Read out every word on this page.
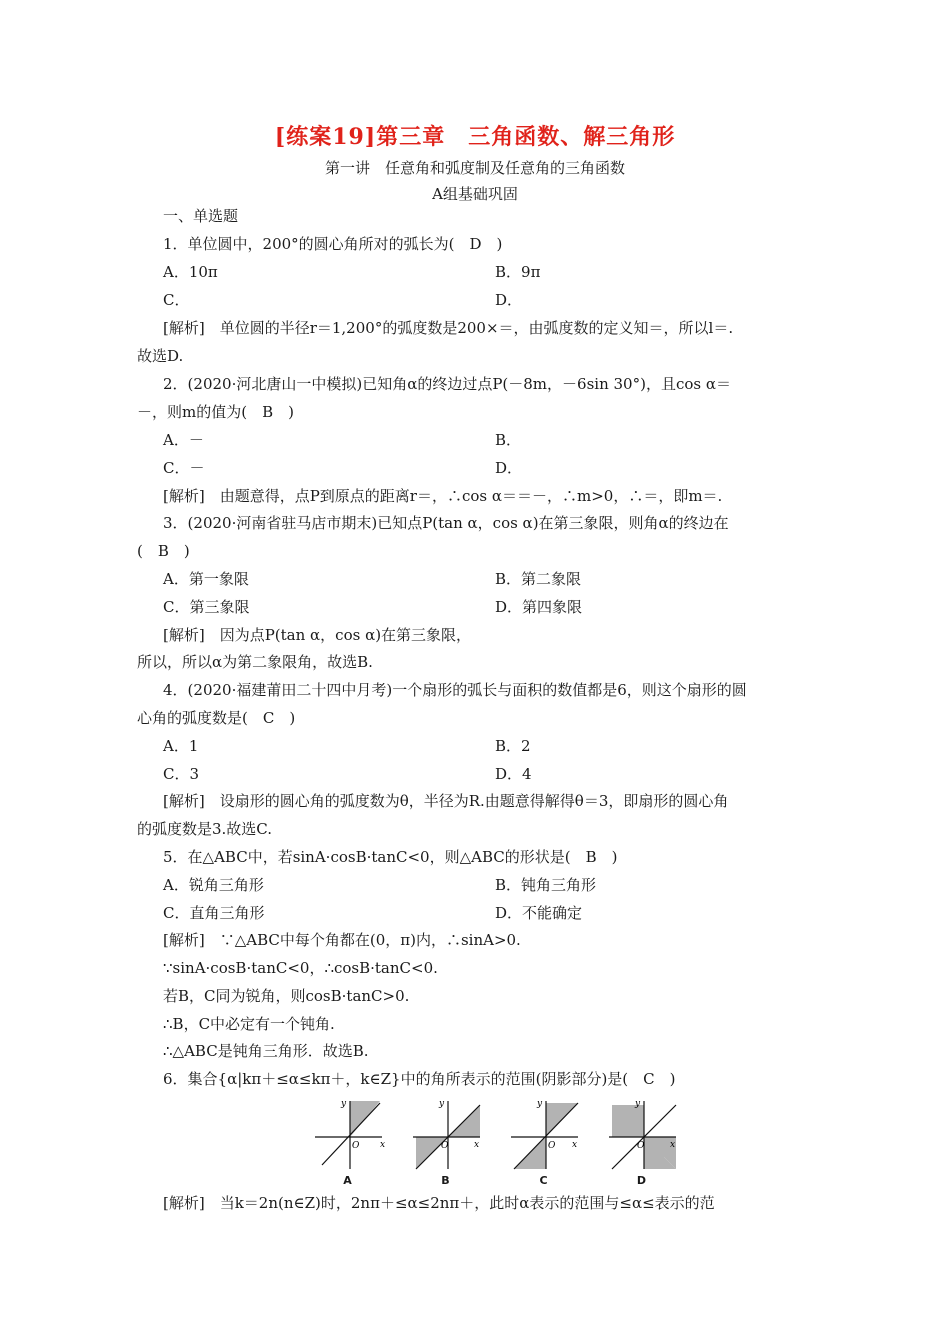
[练案19]第三章　三角函数、解三角形
第一讲　任意角和弧度制及任意角的三角函数
A组基础巩固
一、单选题
1．单位圆中，200°的圆心角所对的弧长为(　D　)
A．10π	B．9π
C．	D．
[解析]　单位圆的半径r＝1,200°的弧度数是200×＝，由弧度数的定义知＝，所以l＝.
故选D.
2．(2020·河北唐山一中模拟)已知角α的终边过点P(－8m，－6sin 30°)，且cos α＝
－，则m的值为(　B　)
A．－	B．
C．－	D．
[解析]　由题意得，点P到原点的距离r＝，∴cos α＝＝－，∴m>0，∴＝，即m＝.
3．(2020·河南省驻马店市期末)已知点P(tan α，cos α)在第三象限，则角α的终边在
(　B　)
A．第一象限	B．第二象限
C．第三象限	D．第四象限
[解析]　因为点P(tan α，cos α)在第三象限，
所以，所以α为第二象限角，故选B.
4．(2020·福建莆田二十四中月考)一个扇形的弧长与面积的数值都是6，则这个扇形的圆
心角的弧度数是(　C　)
A．1	B．2
C．3	D．4
[解析]　设扇形的圆心角的弧度数为θ，半径为R.由题意得解得θ＝3，即扇形的圆心角
的弧度数是3.故选C.
5．在△ABC中，若sinA·cosB·tanC<0，则△ABC的形状是(　B　)
A．锐角三角形	B．钝角三角形
C．直角三角形	D．不能确定
[解析]　∵△ABC中每个角都在(0，π)内，∴sinA>0.
∵sinA·cosB·tanC<0，∴cosB·tanC<0.
若B，C同为锐角，则cosB·tanC>0.
∴B，C中必定有一个钝角.
∴△ABC是钝角三角形．故选B.
6．集合{α|kπ＋≤α≤kπ＋，k∈Z}中的角所表示的范围(阴影部分)是(　C　)
x
y
O
A
x
y
O
B
x
y
O
C
x
y
O
D
[解析]　当k＝2n(n∈Z)时，2nπ＋≤α≤2nπ＋，此时α表示的范围与≤α≤表示的范
